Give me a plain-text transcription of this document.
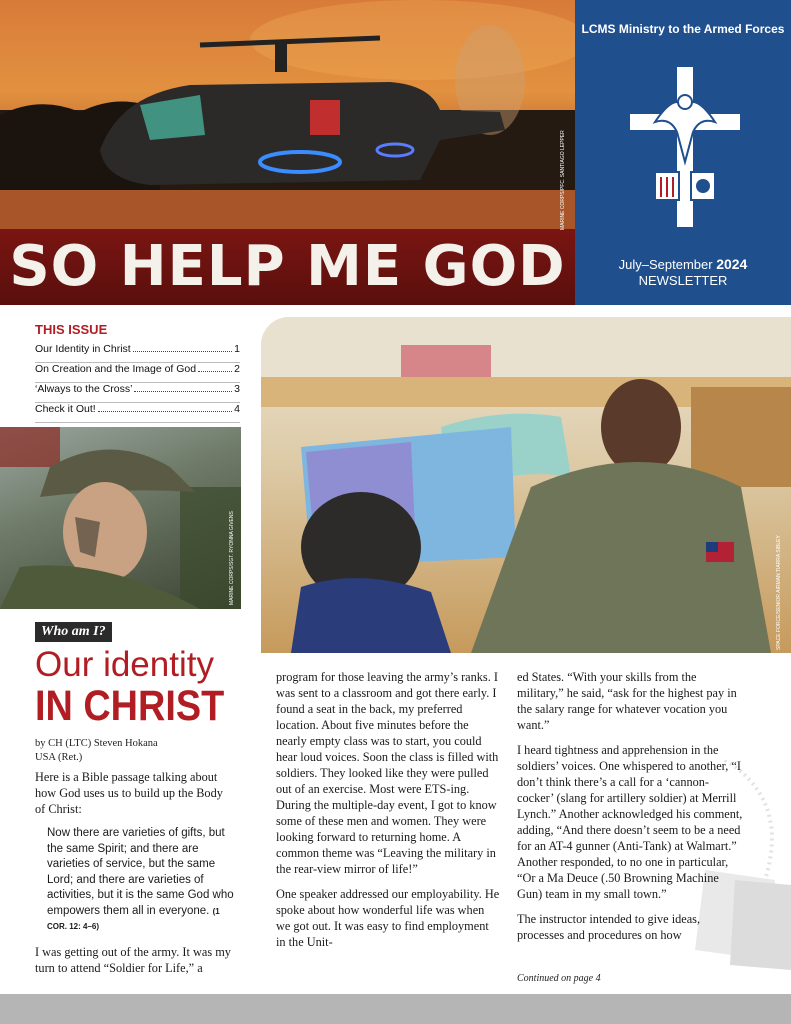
SO HELP ME GOD
MARINE CORPS/PFC. SANTIAGO LEPPER
LCMS Ministry to the Armed Forces
July–September 2024
NEWSLETTER
THIS ISSUE
Our Identity in Christ	1
On Creation and the Image of God	2
‘Always to the Cross’	3
Check it Out!	4
MARINE CORPS/SGT. RYONNA GIVENS	SPACE FORCE/SENIOR AIRMAN TIARRA SIBLEY
Who am I?
Our identity
IN CHRIST
by CH (LTC) Steven Hokana
USA (Ret.)

Here is a Bible passage talking about how God uses us to build up the Body of Christ:

Now there are varieties of gifts, but the same Spirit; and there are varieties of service, but the same Lord; and there are varieties of activities, but it is the same God who empowers them all in everyone. (1 COR. 12: 4–6)

I was getting out of the army. It was my turn to attend “Soldier for Life,” a

program for those leaving the army’s ranks. I was sent to a classroom and got there early. I found a seat in the back, my preferred location. About five minutes before the nearly empty class was to start, you could hear loud voices. Soon the class is filled with soldiers. They looked like they were pulled out of an exercise. Most were ETS-ing. During the multiple-day event, I got to know some of these men and women. They were looking forward to returning home. A common theme was “Leaving the military in the rear-view mirror of life!”

One speaker addressed our employability. He spoke about how wonderful life was when we got out. It was easy to find employment in the Unit-

ed States. “With your skills from the military,” he said, “ask for the highest pay in the salary range for whatever vocation you want.”

I heard tightness and apprehension in the soldiers’ voices. One whispered to another, “I don’t think there’s a call for a ‘cannon-cocker’ (slang for artillery soldier) at Merrill Lynch.” Another acknowledged his comment, adding, “And there doesn’t seem to be a need for an AT-4 gunner (Anti-Tank) at Walmart.” Another responded, to no one in particular, “Or a Ma Deuce (.50 Browning Machine Gun) team in my small town.”

The instructor intended to give ideas, processes and procedures on how

Continued on page 4
